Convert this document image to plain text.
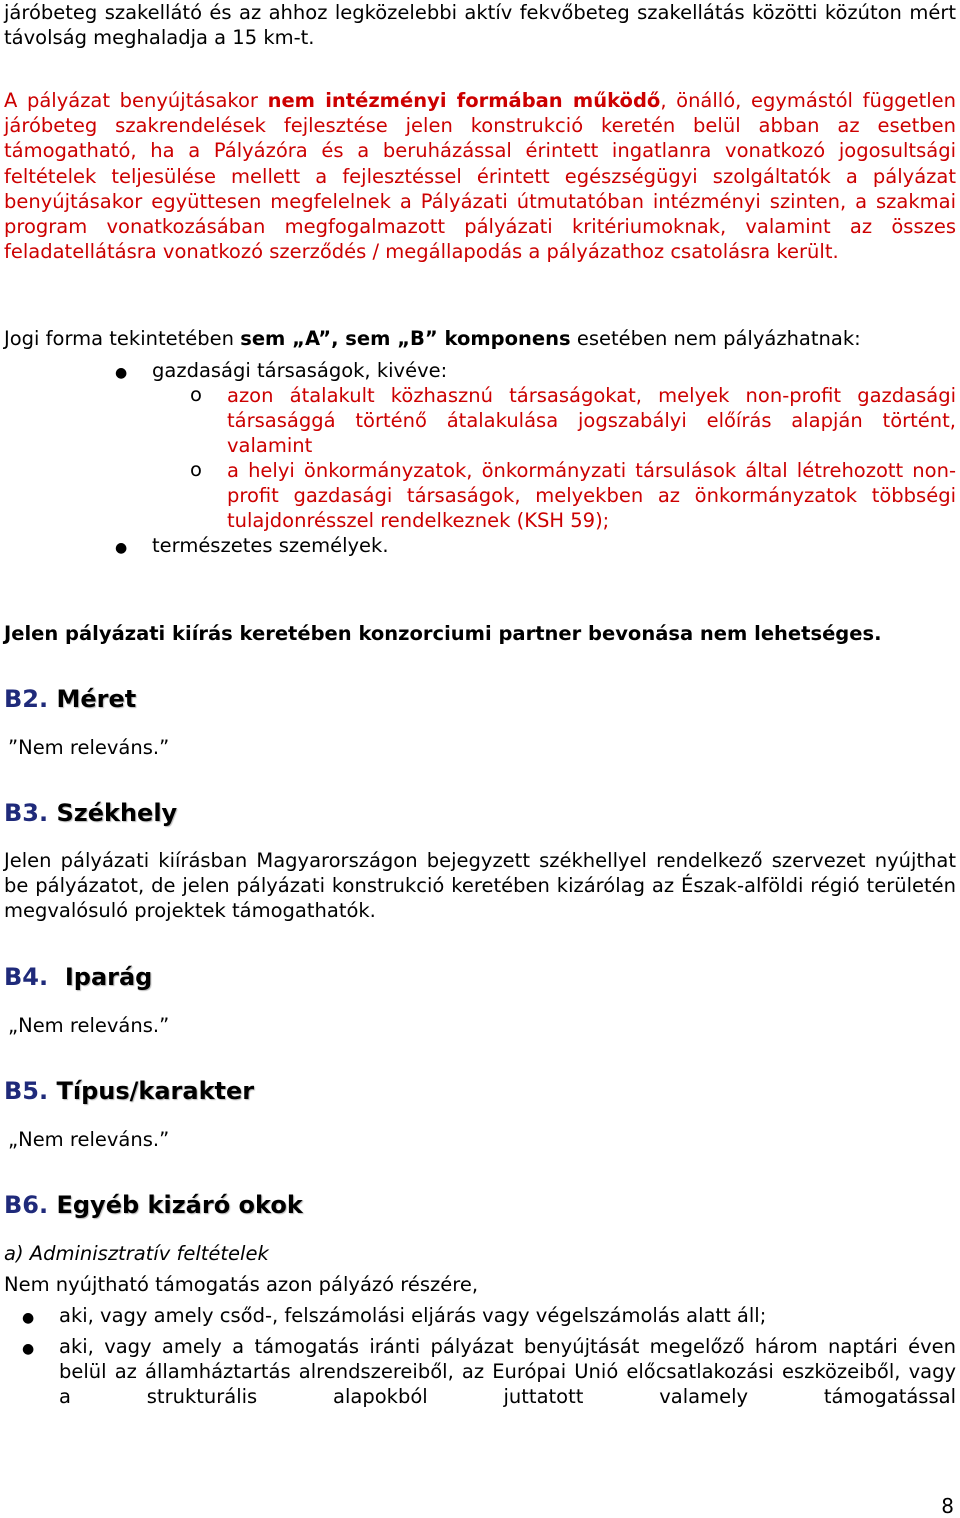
járóbeteg szakellátó és az ahhoz legközelebbi aktív fekvőbeteg szakellátás közötti közúton mért távolság meghaladja a 15 km-t.
A pályázat benyújtásakor nem intézményi formában működő, önálló, egymástól független járóbeteg szakrendelések fejlesztése jelen konstrukció keretén belül abban az esetben támogatható, ha a Pályázóra és a beruházással érintett ingatlanra vonatkozó jogosultsági feltételek teljesülése mellett a fejlesztéssel érintett egészségügyi szolgáltatók a pályázat benyújtásakor együttesen megfelelnek a Pályázati útmutatóban intézményi szinten, a szakmai program vonatkozásában megfogalmazott pályázati kritériumoknak, valamint az összes feladatellátásra vonatkozó szerződés / megállapodás a pályázathoz csatolásra került.
Jogi forma tekintetében sem „A”, sem „B” komponens esetében nem pályázhatnak:
● gazdasági társaságok, kivéve:
o azon átalakult közhasznú társaságokat, melyek non-profit gazdasági társasággá történő átalakulása jogszabályi előírás alapján történt, valamint
o a helyi önkormányzatok, önkormányzati társulások által létrehozott non-profit gazdasági társaságok, melyekben az önkormányzatok többségi tulajdonrésszel rendelkeznek (KSH 59);
● természetes személyek.
Jelen pályázati kiírás keretében konzorciumi partner bevonása nem lehetséges.
B2. Méret
”Nem releváns.”
B3. Székhely
Jelen pályázati kiírásban Magyarországon bejegyzett székhellyel rendelkező szervezet nyújthat be pályázatot, de jelen pályázati konstrukció keretében kizárólag az Észak-alföldi régió területén megvalósuló projektek támogathatók.
B4. Iparág
„Nem releváns.”
B5. Típus/karakter
„Nem releváns.”
B6. Egyéb kizáró okok
a) Adminisztratív feltételek
Nem nyújtható támogatás azon pályázó részére,
● aki, vagy amely csőd-, felszámolási eljárás vagy végelszámolás alatt áll;
● aki, vagy amely a támogatás iránti pályázat benyújtását megelőző három naptári éven belül az államháztartás alrendszereiből, az Európai Unió előcsatlakozási eszközeiből, vagy a strukturális alapokból juttatott valamely támogatással
8
